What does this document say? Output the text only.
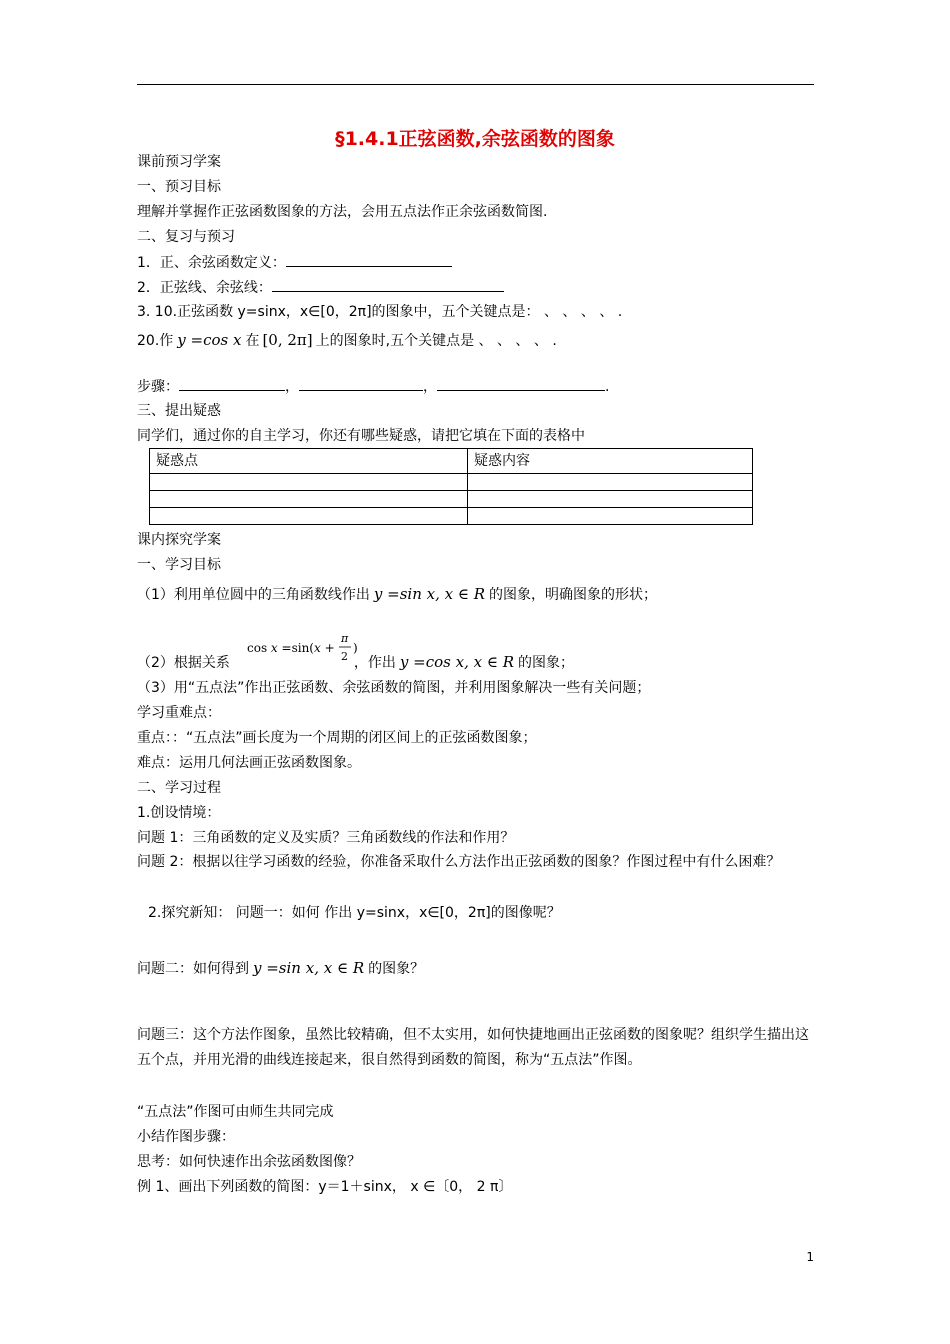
§1.4.1正弦函数,余弦函数的图象
课前预习学案
一、预习目标
理解并掌握作正弦函数图象的方法，会用五点法作正余弦函数简图.
二、复习与预习
1．正、余弦函数定义：
2．正弦线、余弦线：
3. 10.正弦函数 y=sinx，x∈[0，2π]的图象中，五个关键点是： 、 、 、 、 .
20.作 y =cos x 在 [0, 2π] 上的图象时,五个关键点是 、 、 、 、 .
步骤：	，	，	.
三、提出疑惑
同学们，通过你的自主学习，你还有哪些疑惑，请把它填在下面的表格中
疑惑点	疑惑内容

课内探究学案
一、学习目标
（1）利用单位圆中的三角函数线作出 y =sin x, x ∈ R 的图象，明确图象的形状；
（2）根据关系	，作出 y =cos x, x ∈ R 的图象；
cos x =sin(x +
π
2
)
（3）用“五点法”作出正弦函数、余弦函数的简图，并利用图象解决一些有关问题；
学习重难点：
重点：：“五点法”画长度为一个周期的闭区间上的正弦函数图象；
难点：运用几何法画正弦函数图象。
二、学习过程
1.创设情境：
问题 1：三角函数的定义及实质？三角函数线的作法和作用？
问题 2：根据以往学习函数的经验，你准备采取什么方法作出正弦函数的图象？作图过程中有什么困难？
2.探究新知： 问题一：如何 作出 y=sinx，x∈[0，2π]的图像呢？
问题二：如何得到 y =sin x, x ∈ R 的图象？
问题三：这个方法作图象，虽然比较精确，但不太实用，如何快捷地画出正弦函数的图象呢？组织学生描出这五个点，并用光滑的曲线连接起来，很自然得到函数的简图，称为“五点法”作图。
“五点法”作图可由师生共同完成
小结作图步骤：
思考：如何快速作出余弦函数图像？
例 1、画出下列函数的简图：y＝1＋sinx， x ∈〔0， 2 π〕
1
